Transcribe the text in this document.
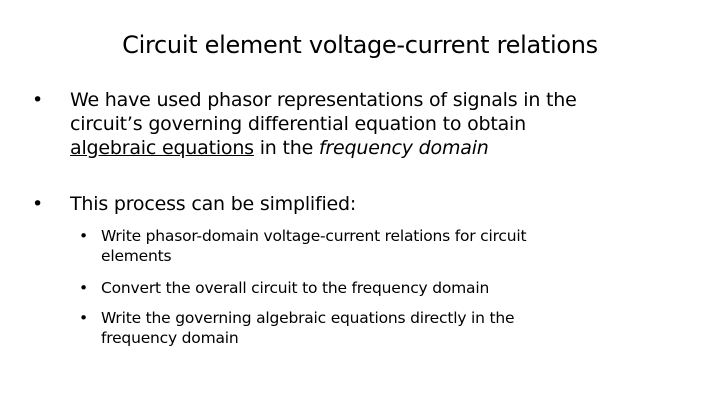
Circuit element voltage-current relations
•	We have used phasor representations of signals in the
circuit’s governing differential equation to obtain
algebraic equations in the frequency domain
•	This process can be simplified:
• Write phasor-domain voltage-current relations for circuit
elements
• Convert the overall circuit to the frequency domain
• Write the governing algebraic equations directly in the
frequency domain
